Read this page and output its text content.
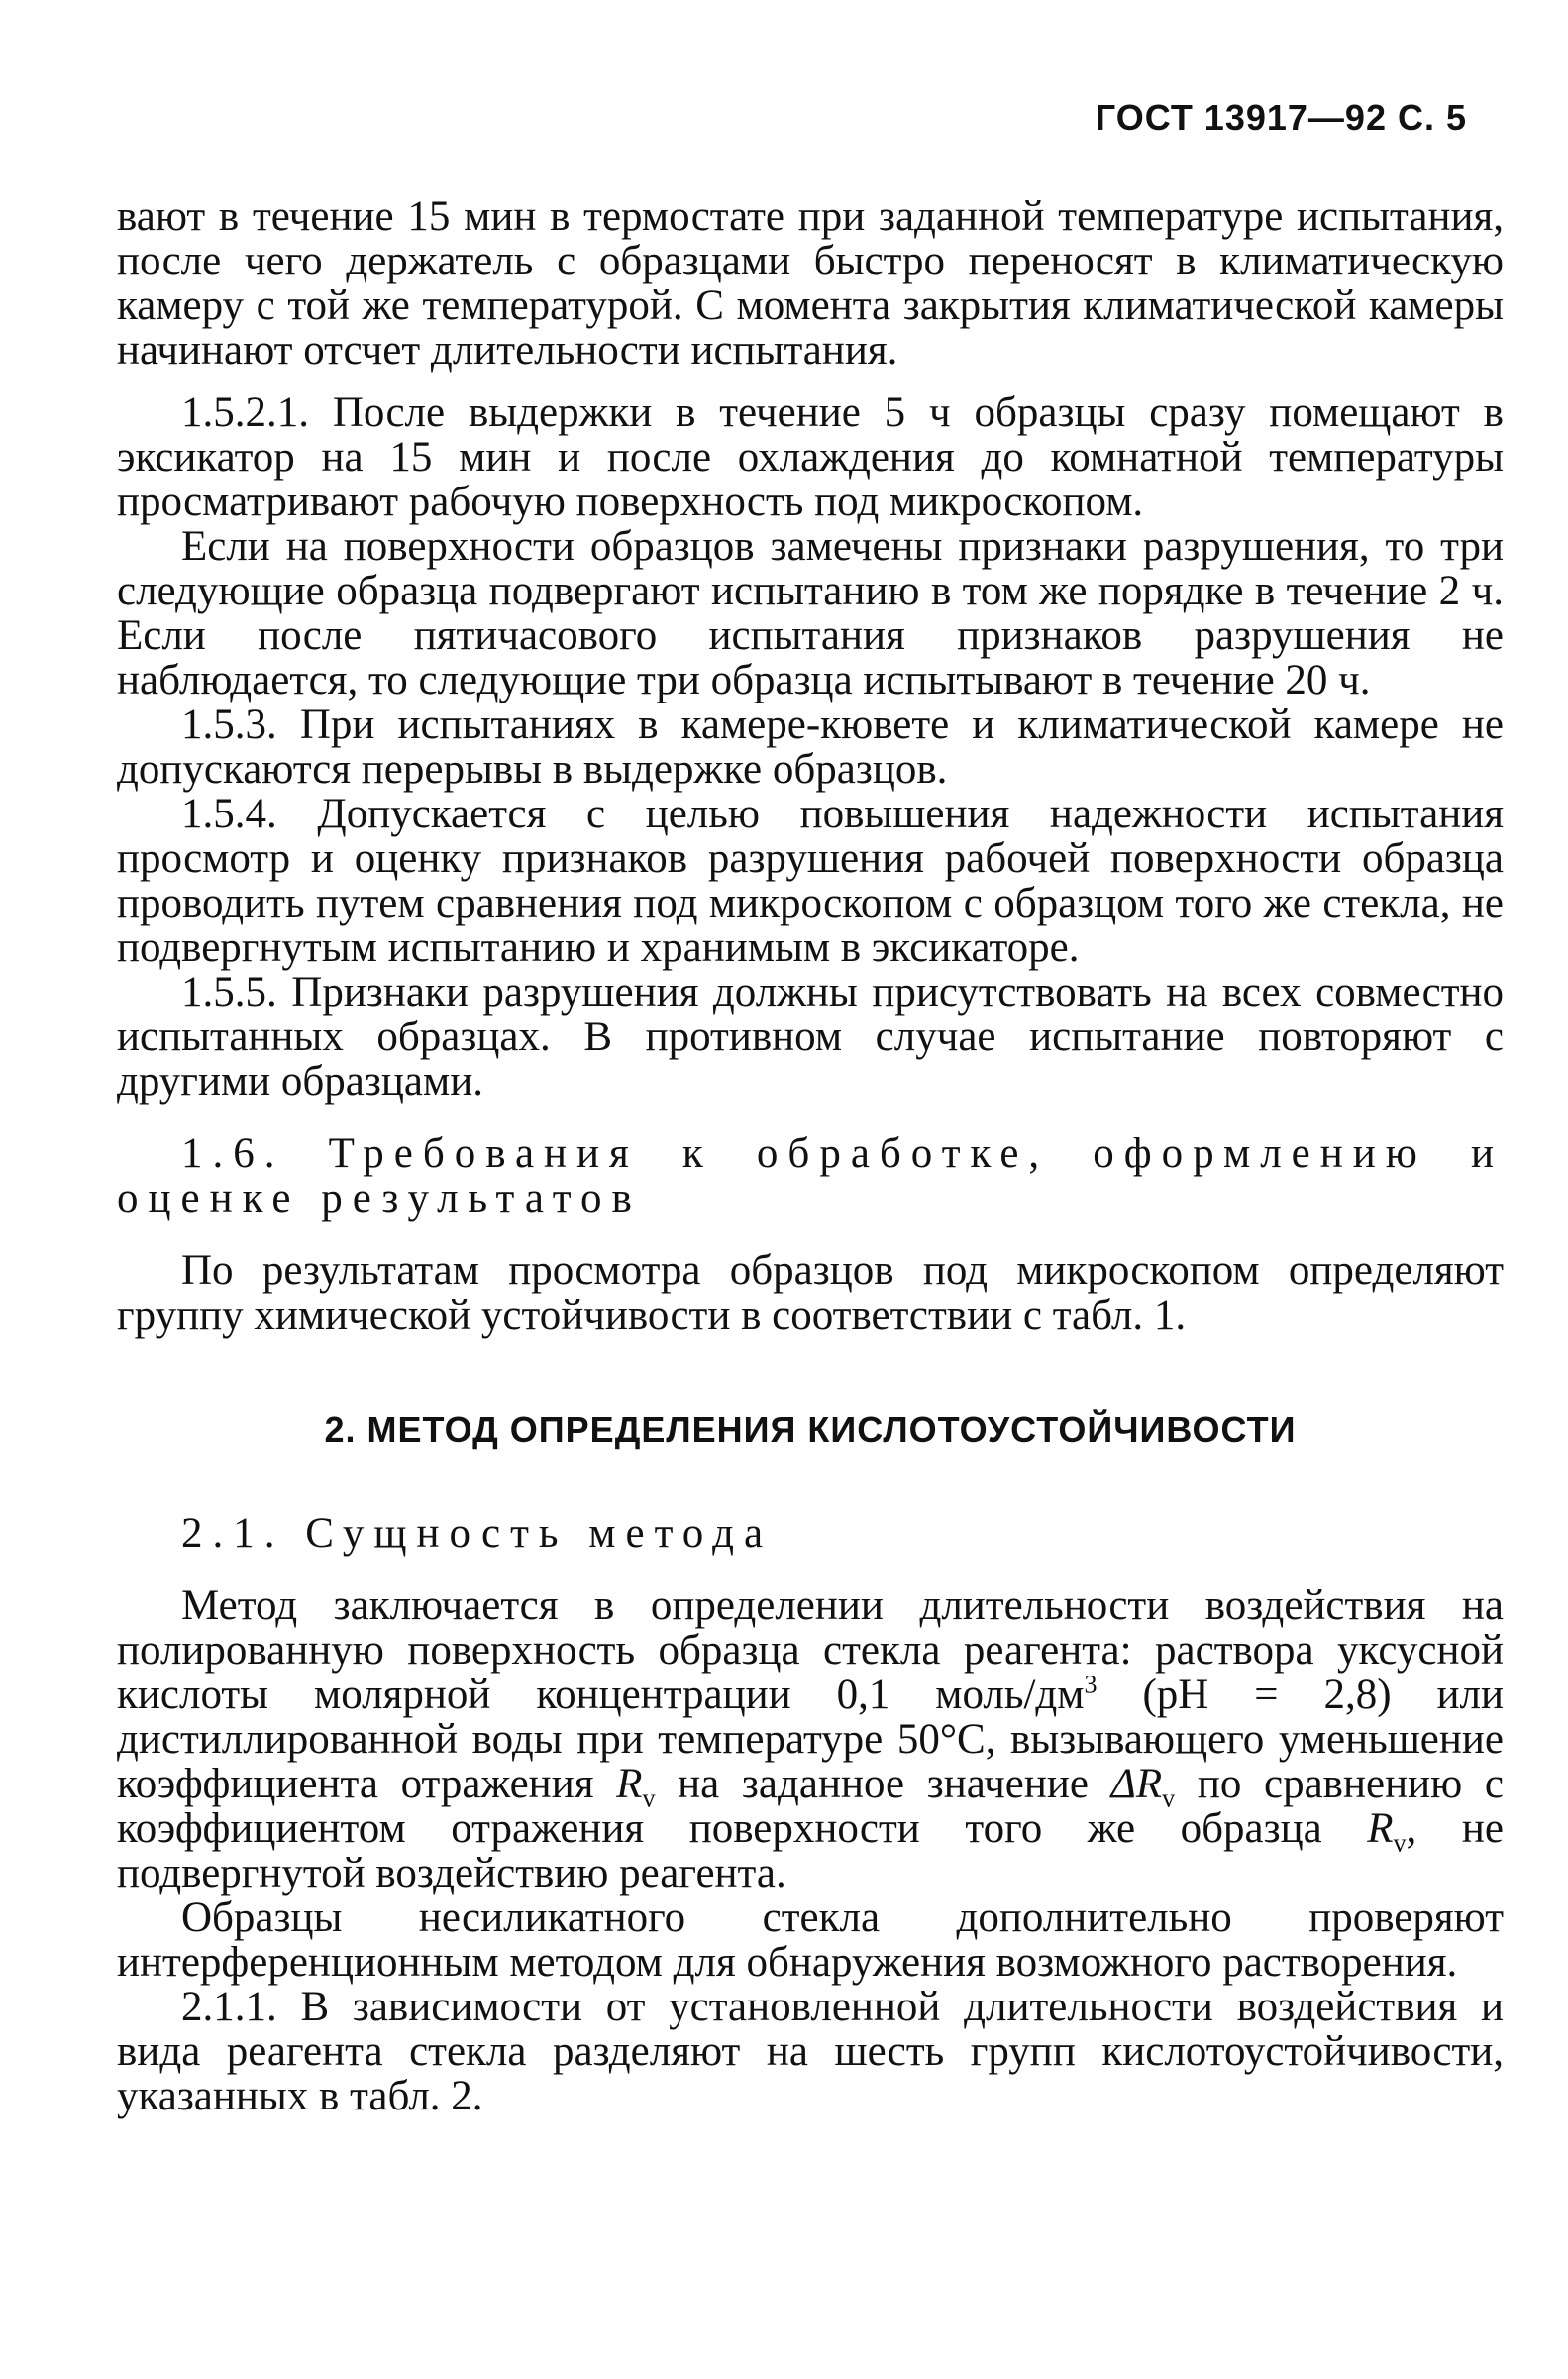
ГОСТ 13917—92 С. 5

вают в течение 15 мин в термостате при заданной температуре испытания, после чего держатель с образцами быстро переносят в климатическую камеру с той же температурой. С момента закрытия климатической камеры начинают отсчет длительности испытания.

1.5.2.1. После выдержки в течение 5 ч образцы сразу помещают в эксикатор на 15 мин и после охлаждения до комнатной температуры просматривают рабочую поверхность под микроскопом.

Если на поверхности образцов замечены признаки разрушения, то три следующие образца подвергают испытанию в том же порядке в течение 2 ч. Если после пятичасового испытания признаков разрушения не наблюдается, то следующие три образца испытывают в течение 20 ч.

1.5.3. При испытаниях в камере-кювете и климатической камере не допускаются перерывы в выдержке образцов.

1.5.4. Допускается с целью повышения надежности испытания просмотр и оценку признаков разрушения рабочей поверхности образца проводить путем сравнения под микроскопом с образцом того же стекла, не подвергнутым испытанию и хранимым в эксикаторе.

1.5.5. Признаки разрушения должны присутствовать на всех совместно испытанных образцах. В противном случае испытание повторяют с другими образцами.

1.6. Требования к обработке, оформлению и оценке результатов

По результатам просмотра образцов под микроскопом определяют группу химической устойчивости в соответствии с табл. 1.

2. МЕТОД ОПРЕДЕЛЕНИЯ КИСЛОТОУСТОЙЧИВОСТИ

2.1. Сущность метода

Метод заключается в определении длительности воздействия на полированную поверхность образца стекла реагента: раствора уксусной кислоты молярной концентрации 0,1 моль/$дм^3$ (pH = 2,8) или дистиллированной воды при температуре 50°С, вызывающего уменьшение коэффициента отражения $R_v$ на заданное значение $\Delta R_v$ по сравнению с коэффициентом отражения поверхности того же образца $R_v$, не подвергнутой воздействию реагента.

Образцы несиликатного стекла дополнительно проверяют интерференционным методом для обнаружения возможного растворения.

2.1.1. В зависимости от установленной длительности воздействия и вида реагента стекла разделяют на шесть групп кислотоустойчивости, указанных в табл. 2.
